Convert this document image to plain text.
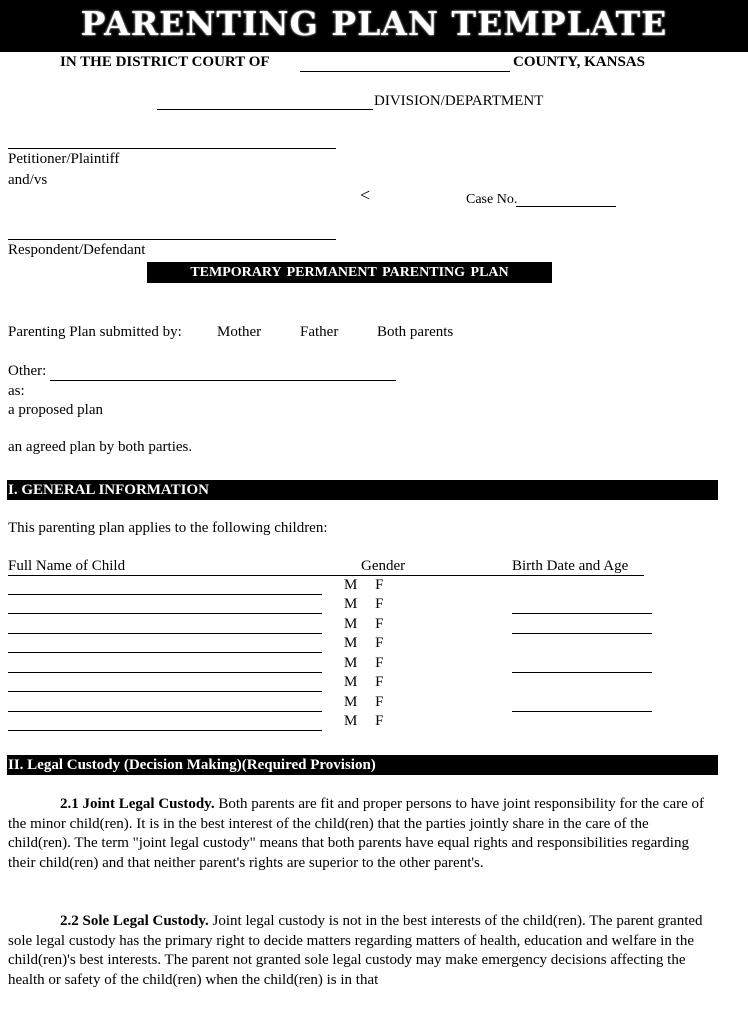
PARENTING PLAN TEMPLATE
IN THE DISTRICT COURT OF	COUNTY, KANSAS
DIVISION/DEPARTMENT
Petitioner/Plaintiff
and/vs
<	Case No.
Respondent/Defendant
TEMPORARY PERMANENT PARENTING PLAN
Parenting Plan submitted by: Mother	Father	Both parents
Other:
as:
a proposed plan
an agreed plan by both parties.
I. GENERAL INFORMATION
This parenting plan applies to the following children:
Full Name of Child	Gender	Birth Date and Age
M F
M F
M F
M F
M F
M F
M F
M F
II. Legal Custody (Decision Making)(Required Provision)
2.1 Joint Legal Custody. Both parents are fit and proper persons to have joint responsibility for the care of the minor child(ren). It is in the best interest of the child(ren) that the parties jointly share in the care of the child(ren). The term "joint legal custody" means that both parents have equal rights and responsibilities regarding their child(ren) and that neither parent's rights are superior to the other parent's.
2.2 Sole Legal Custody. Joint legal custody is not in the best interests of the child(ren). The parent granted sole legal custody has the primary right to decide matters regarding matters of health, education and welfare in the child(ren)'s best interests. The parent not granted sole legal custody may make emergency decisions affecting the health or safety of the child(ren) when the child(ren) is in that
